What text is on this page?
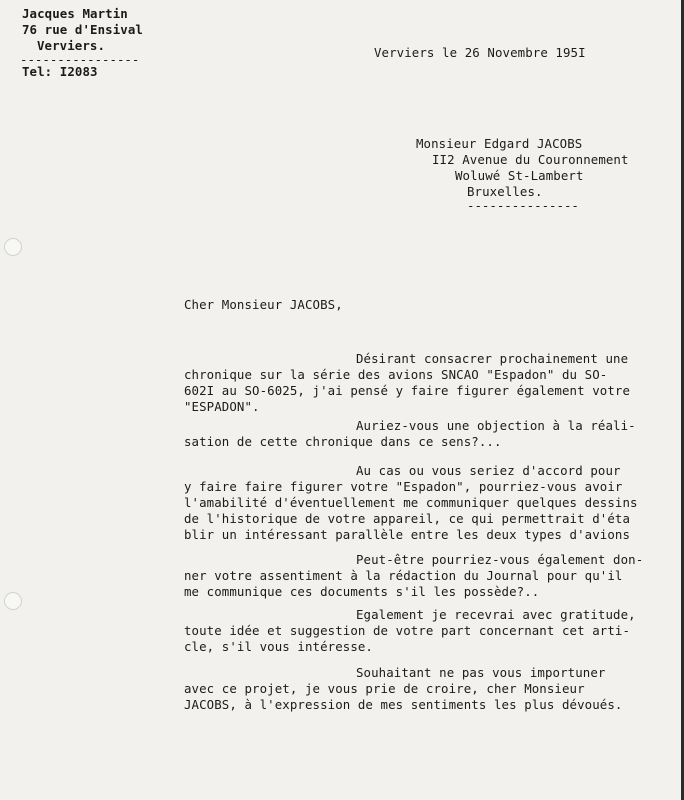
Jacques Martin
76 rue d'Ensival
Verviers.
----------------
Tel: I2083
Verviers le 26 Novembre 195I
Monsieur Edgard JACOBS
II2 Avenue du Couronnement
Woluwé St-Lambert
Bruxelles.
---------------
Cher Monsieur JACOBS,
Désirant consacrer prochainement une
chronique sur la série des avions SNCAO "Espadon" du SO-
602I au SO-6025, j'ai pensé y faire figurer également votre
"ESPADON".
Auriez-vous une objection à la réali-
sation de cette chronique dans ce sens?...
Au cas ou vous seriez d'accord pour
y faire faire figurer votre "Espadon", pourriez-vous avoir
l'amabilité d'éventuellement me communiquer quelques dessins
de l'historique de votre appareil, ce qui permettrait d'éta
blir un intéressant parallèle entre les deux types d'avions
Peut-être pourriez-vous également don-
ner votre assentiment à la rédaction du Journal pour qu'il
me communique ces documents s'il les possède?..
Egalement je recevrai avec gratitude,
toute idée et suggestion de votre part concernant cet arti-
cle, s'il vous intéresse.
Souhaitant ne pas vous importuner
avec ce projet, je vous prie de croire, cher Monsieur
JACOBS, à l'expression de mes sentiments les plus dévoués.
